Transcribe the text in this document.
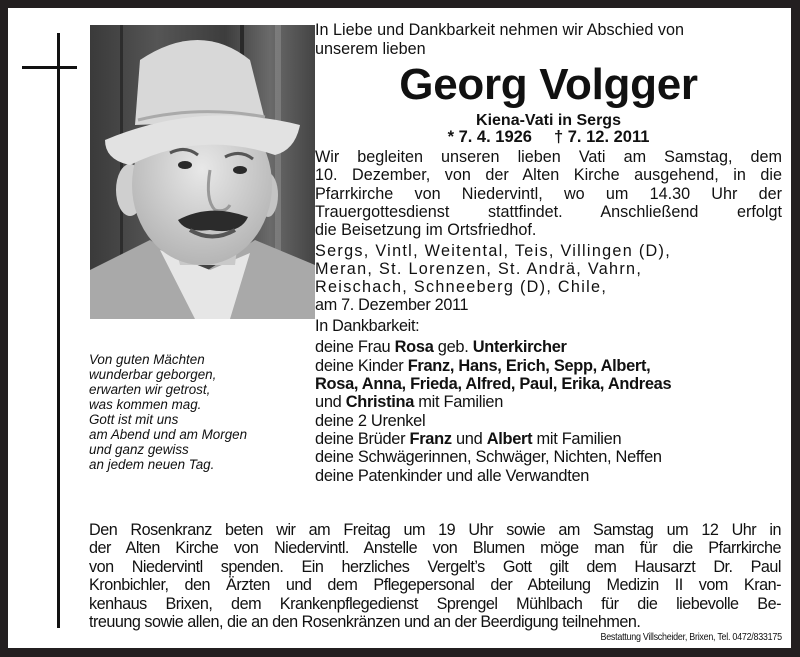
Von guten Mächten
wunderbar geborgen,
erwarten wir getrost,
was kommen mag.
Gott ist mit uns
am Abend und am Morgen
und ganz gewiss
an jedem neuen Tag.
In Liebe und Dankbarkeit nehmen wir Abschied von
unserem lieben
Georg Volgger
Kiena-Vati in Sergs
* 7. 4. 1926 † 7. 12. 2011
Wir begleiten unseren lieben Vati am Samstag, dem
10. Dezember, von der Alten Kirche ausgehend, in die
Pfarrkirche von Niedervintl, wo um 14.30 Uhr der
Trauergottesdienst stattfindet. Anschließend erfolgt
die Beisetzung im Ortsfriedhof.
Sergs, Vintl, Weitental, Teis, Villingen (D),
Meran, St. Lorenzen, St. Andrä, Vahrn,
Reischach, Schneeberg (D), Chile,
am 7. Dezember 2011
In Dankbarkeit:
deine Frau Rosa geb. Unterkircher
deine Kinder Franz, Hans, Erich, Sepp, Albert,
Rosa, Anna, Frieda, Alfred, Paul, Erika, Andreas
und Christina mit Familien
deine 2 Urenkel
deine Brüder Franz und Albert mit Familien
deine Schwägerinnen, Schwäger, Nichten, Neffen
deine Patenkinder und alle Verwandten
Den Rosenkranz beten wir am Freitag um 19 Uhr sowie am Samstag um 12 Uhr in
der Alten Kirche von Niedervintl. Anstelle von Blumen möge man für die Pfarrkirche
von Niedervintl spenden. Ein herzliches Vergelt’s Gott gilt dem Hausarzt Dr. Paul
Kronbichler, den Ärzten und dem Pflegepersonal der Abteilung Medizin II vom Kran-
kenhaus Brixen, dem Krankenpflegedienst Sprengel Mühlbach für die liebevolle Be-
treuung sowie allen, die an den Rosenkränzen und an der Beerdigung teilnehmen.
Bestattung Villscheider, Brixen, Tel. 0472/833175
